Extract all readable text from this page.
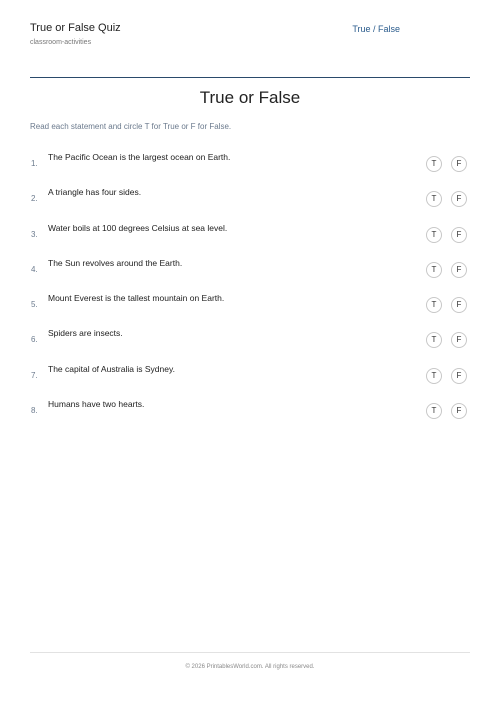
True or False Quiz
classroom-activities
True / False
True or False
Read each statement and circle T for True or F for False.
1.
The Pacific Ocean is the largest ocean on Earth.
T	F
2.
A triangle has four sides.
T	F
3.
Water boils at 100 degrees Celsius at sea level.
T	F
4.
The Sun revolves around the Earth.
T	F
5.
Mount Everest is the tallest mountain on Earth.
T	F
6.
Spiders are insects.
T	F
7.
The capital of Australia is Sydney.
T	F
8.
Humans have two hearts.
T	F
© 2026 PrintablesWorld.com. All rights reserved.
